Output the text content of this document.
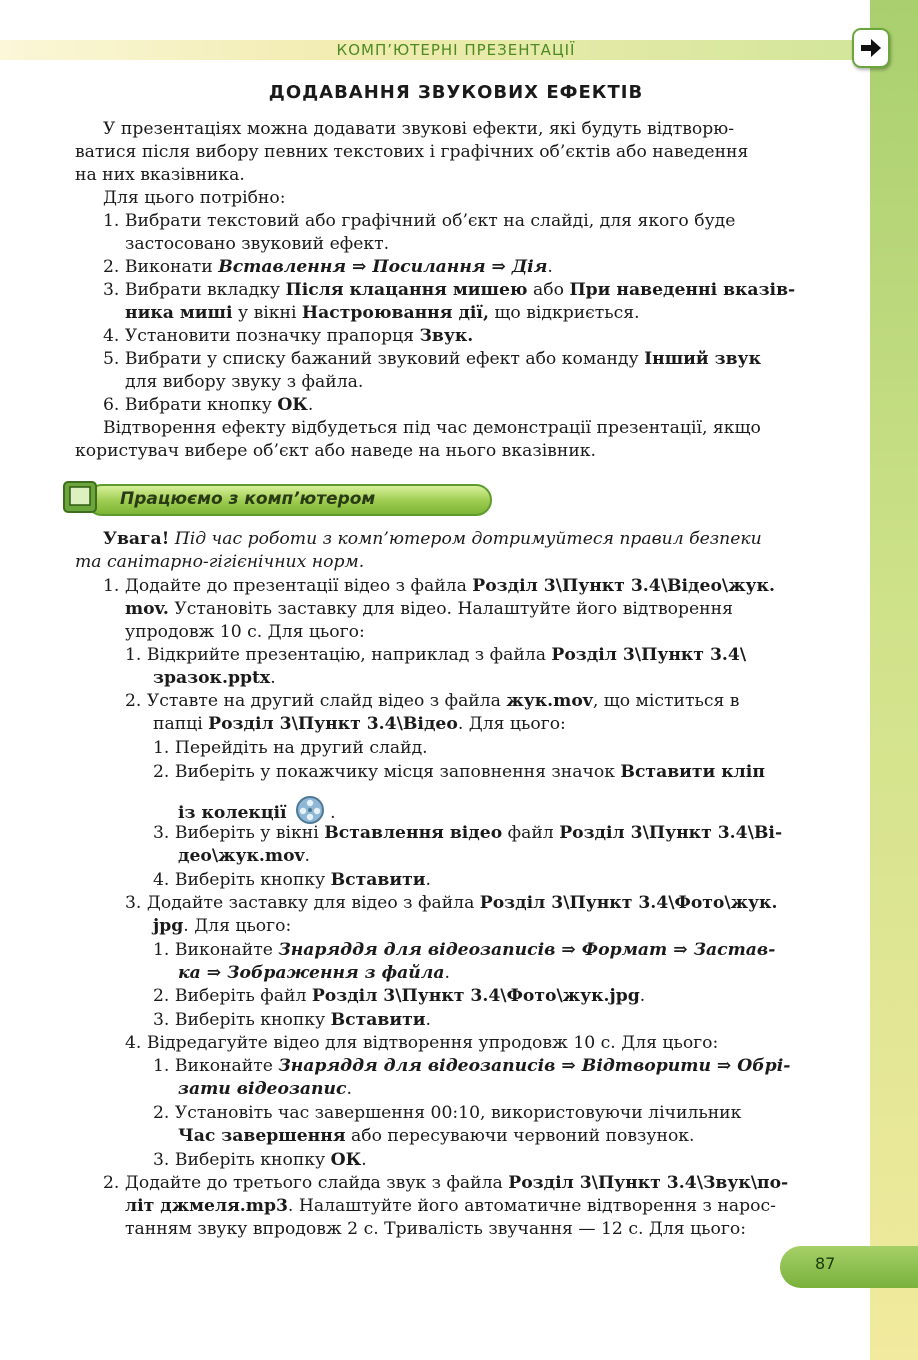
КОМП’ЮТЕРНІ ПРЕЗЕНТАЦІЇ
ДОДАВАННЯ ЗВУКОВИХ ЕФЕКТІВ
У презентаціях можна додавати звукові ефекти, які будуть відтворю-
ватися після вибору певних текстових і графічних об’єктів або наведення
на них вказівника.
Для цього потрібно:
1. Вибрати текстовий або графічний об’єкт на слайді, для якого буде
застосовано звуковий ефект.
2. Виконати Вставлення ⇒ Посилання ⇒ Дія.
3. Вибрати вкладку Після клацання мишею або При наведенні вказів-
ника миші у вікні Настроювання дії, що відкриється.
4. Установити позначку прапорця Звук.
5. Вибрати у списку бажаний звуковий ефект або команду Інший звук
для вибору звуку з файла.
6. Вибрати кнопку ОК.
Відтворення ефекту відбудеться під час демонстрації презентації, якщо
користувач вибере об’єкт або наведе на нього вказівник.
Працюємо з комп’ютером
Увага! Під час роботи з комп’ютером дотримуйтеся правил безпеки
та санітарно-гігієнічних норм.
1. Додайте до презентації відео з файла Розділ 3\Пункт 3.4\Відео\жук.
mov. Установіть заставку для відео. Налаштуйте його відтворення
упродовж 10 с. Для цього:
1. Відкрийте презентацію, наприклад з файла Розділ 3\Пункт 3.4\
зразок.pptx.
2. Уставте на другий слайд відео з файла жук.mov, що міститься в
папці Розділ 3\Пункт 3.4\Відео. Для цього:
1. Перейдіть на другий слайд.
2. Виберіть у покажчику місця заповнення значок Вставити кліп
із колекції	.
3. Виберіть у вікні Вставлення відео файл Розділ 3\Пункт 3.4\Ві-
део\жук.mov.
4. Виберіть кнопку Вставити.
3. Додайте заставку для відео з файла Розділ 3\Пункт 3.4\Фото\жук.
jpg. Для цього:
1. Виконайте Знаряддя для відеозаписів ⇒ Формат ⇒ Застав-
ка ⇒ Зображення з файла.
2. Виберіть файл Розділ 3\Пункт 3.4\Фото\жук.jpg.
3. Виберіть кнопку Вставити.
4. Відредагуйте відео для відтворення упродовж 10 с. Для цього:
1. Виконайте Знаряддя для відеозаписів ⇒ Відтворити ⇒ Обрі-
зати відеозапис.
2. Установіть час завершення 00:10, використовуючи лічильник
Час завершення або пересуваючи червоний повзунок.
3. Виберіть кнопку ОК.
2. Додайте до третього слайда звук з файла Розділ 3\Пункт 3.4\Звук\по-
літ джмеля.mp3. Налаштуйте його автоматичне відтворення з нарос-
танням звуку впродовж 2 с. Тривалість звучання — 12 с. Для цього:
87
